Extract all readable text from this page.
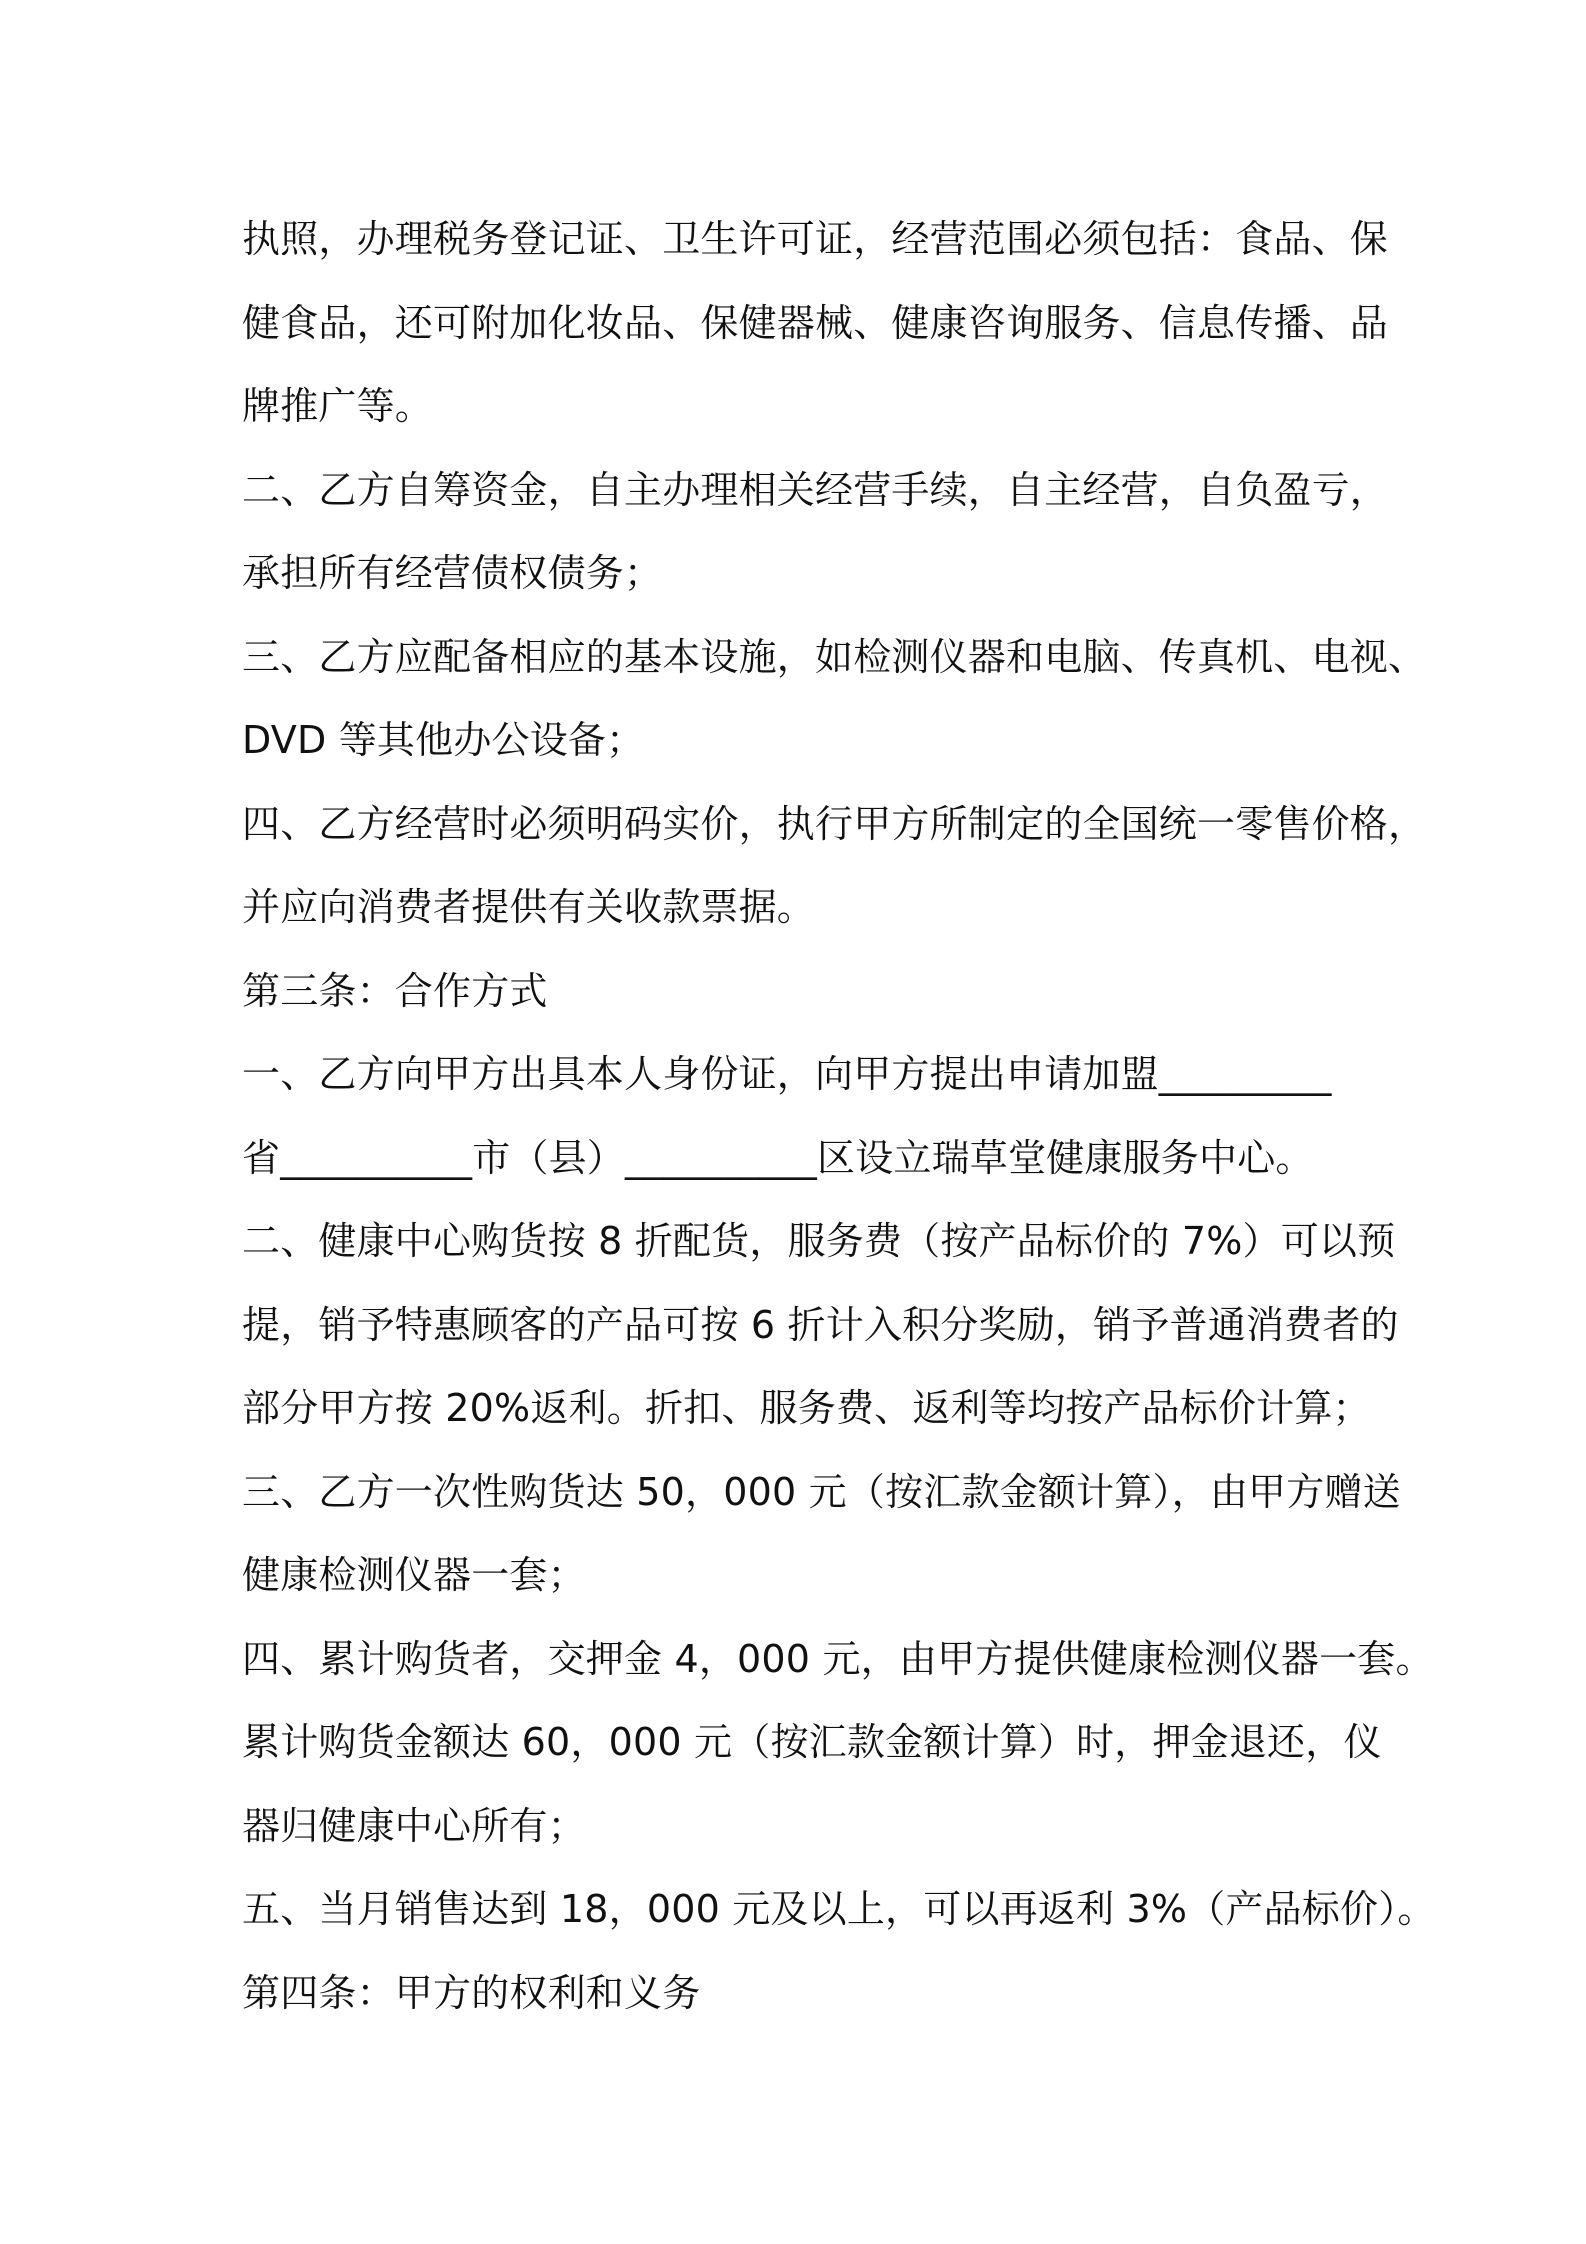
执照，办理税务登记证、卫生许可证，经营范围必须包括：食品、保
健食品，还可附加化妆品、保健器械、健康咨询服务、信息传播、品
牌推广等。
二、乙方自筹资金，自主办理相关经营手续，自主经营，自负盈亏，
承担所有经营债权债务；
三、乙方应配备相应的基本设施，如检测仪器和电脑、传真机、电视、
DVD 等其他办公设备；
四、乙方经营时必须明码实价，执行甲方所制定的全国统一零售价格，
并应向消费者提供有关收款票据。
第三条：合作方式
一、乙方向甲方出具本人身份证，向甲方提出申请加盟_________
省__________市（县）__________区设立瑞草堂健康服务中心。
二、健康中心购货按 8 折配货，服务费（按产品标价的 7%）可以预
提，销予特惠顾客的产品可按 6 折计入积分奖励，销予普通消费者的
部分甲方按 20%返利。折扣、服务费、返利等均按产品标价计算；
三、乙方一次性购货达 50，000 元（按汇款金额计算），由甲方赠送
健康检测仪器一套；
四、累计购货者，交押金 4，000 元，由甲方提供健康检测仪器一套。
累计购货金额达 60，000 元（按汇款金额计算）时，押金退还，仪
器归健康中心所有；
五、当月销售达到 18，000 元及以上，可以再返利 3%（产品标价）。
第四条：甲方的权利和义务
